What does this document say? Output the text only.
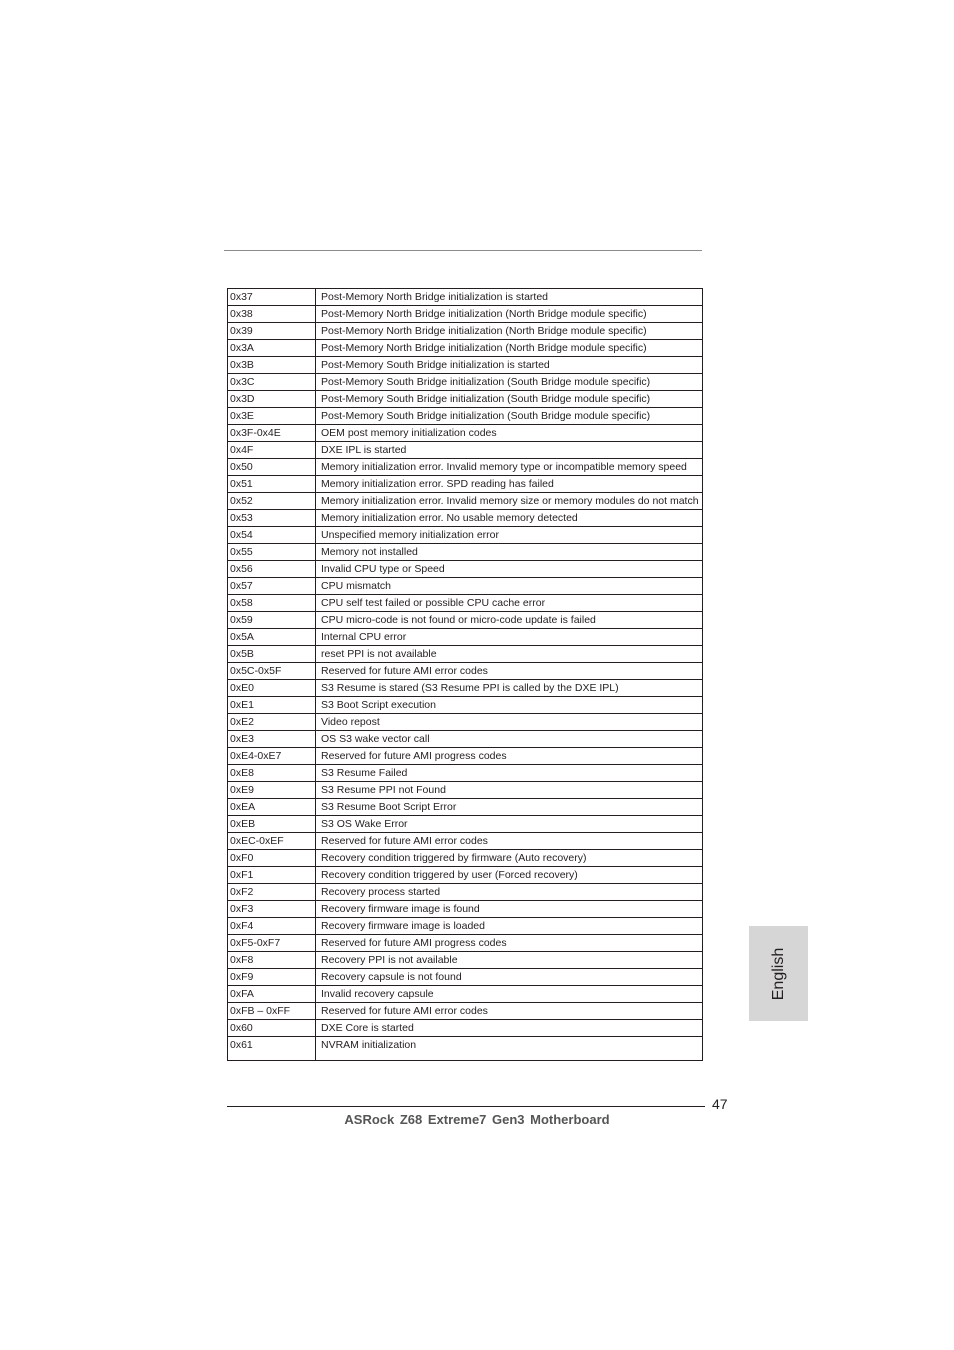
0x37	Post-Memory North Bridge initialization is started
0x38	Post-Memory North Bridge initialization (North Bridge module specific)
0x39	Post-Memory North Bridge initialization (North Bridge module specific)
0x3A	Post-Memory North Bridge initialization (North Bridge module specific)
0x3B	Post-Memory South Bridge initialization is started
0x3C	Post-Memory South Bridge initialization (South Bridge module specific)
0x3D	Post-Memory South Bridge initialization (South Bridge module specific)
0x3E	Post-Memory South Bridge initialization (South Bridge module specific)
0x3F-0x4E	OEM post memory initialization codes
0x4F	DXE IPL is started
0x50	Memory initialization error. Invalid memory type or incompatible memory speed
0x51	Memory initialization error. SPD reading has failed
0x52	Memory initialization error. Invalid memory size or memory modules do not match
0x53	Memory initialization error. No usable memory detected
0x54	Unspecified memory initialization error
0x55	Memory not installed
0x56	Invalid CPU type or Speed
0x57	CPU mismatch
0x58	CPU self test failed or possible CPU cache error
0x59	CPU micro-code is not found or micro-code update is failed
0x5A	Internal CPU error
0x5B	reset PPI is not available
0x5C-0x5F	Reserved for future AMI error codes
0xE0	S3 Resume is stared (S3 Resume PPI is called by the DXE IPL)
0xE1	S3 Boot Script execution
0xE2	Video repost
0xE3	OS S3 wake vector call
0xE4-0xE7	Reserved for future AMI progress codes
0xE8	S3 Resume Failed
0xE9	S3 Resume PPI not Found
0xEA	S3 Resume Boot Script Error
0xEB	S3 OS Wake Error
0xEC-0xEF	Reserved for future AMI error codes
0xF0	Recovery condition triggered by firmware (Auto recovery)
0xF1	Recovery condition triggered by user (Forced recovery)
0xF2	Recovery process started
0xF3	Recovery firmware image is found
0xF4	Recovery firmware image is loaded
0xF5-0xF7	Reserved for future AMI progress codes
0xF8	Recovery PPI is not available
0xF9	Recovery capsule is not found
0xFA	Invalid recovery capsule
0xFB – 0xFF	Reserved for future AMI error codes
0x60	DXE Core is started
0x61	NVRAM initialization
English
47
ASRock Z68 Extreme7 Gen3 Motherboard
